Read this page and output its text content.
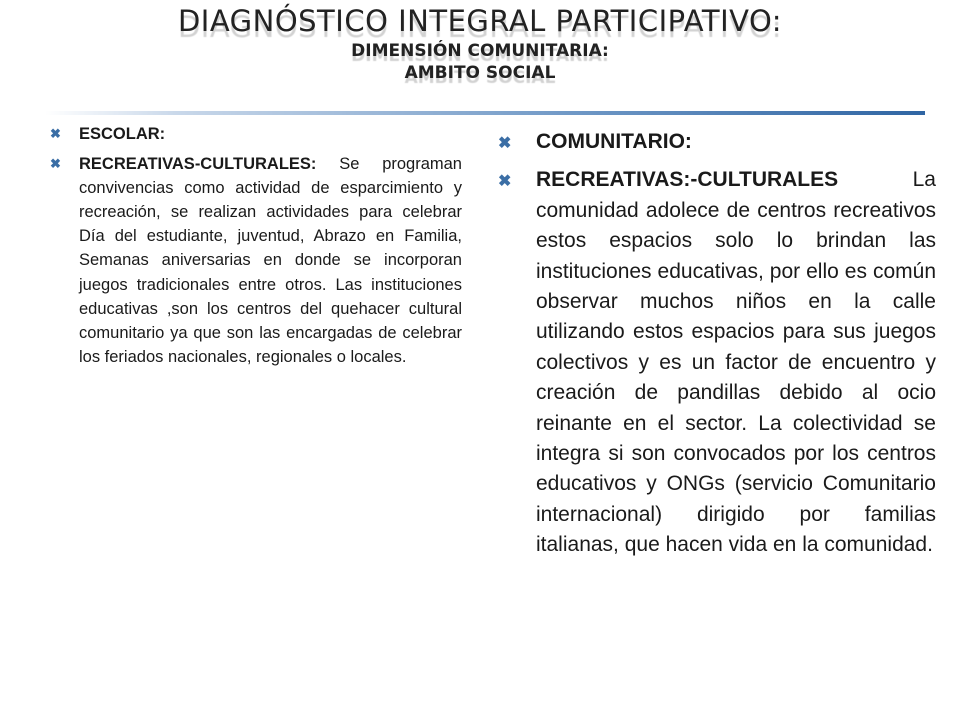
DIAGNÓSTICO INTEGRAL PARTICIPATIVO:
DIMENSIÓN COMUNITARIA:
AMBITO SOCIAL
✖ ESCOLAR:
✖ RECREATIVAS-CULTURALES: Se programan convivencias como actividad de esparcimiento y recreación, se realizan actividades para celebrar Día del estudiante, juventud, Abrazo en Familia, Semanas aniversarias en donde se incorporan juegos tradicionales entre otros. Las instituciones educativas ,son los centros del quehacer cultural comunitario ya que son las encargadas de celebrar los feriados nacionales, regionales o locales.
✖ COMUNITARIO:
✖ RECREATIVAS:-CULTURALES La comunidad adolece de centros recreativos estos espacios solo lo brindan las instituciones educativas, por ello es común observar muchos niños en la calle utilizando estos espacios para sus juegos colectivos y es un factor de encuentro y creación de pandillas debido al ocio reinante en el sector. La colectividad se integra si son convocados por los centros educativos y ONGs (servicio Comunitario internacional) dirigido por familias italianas, que hacen vida en la comunidad.
